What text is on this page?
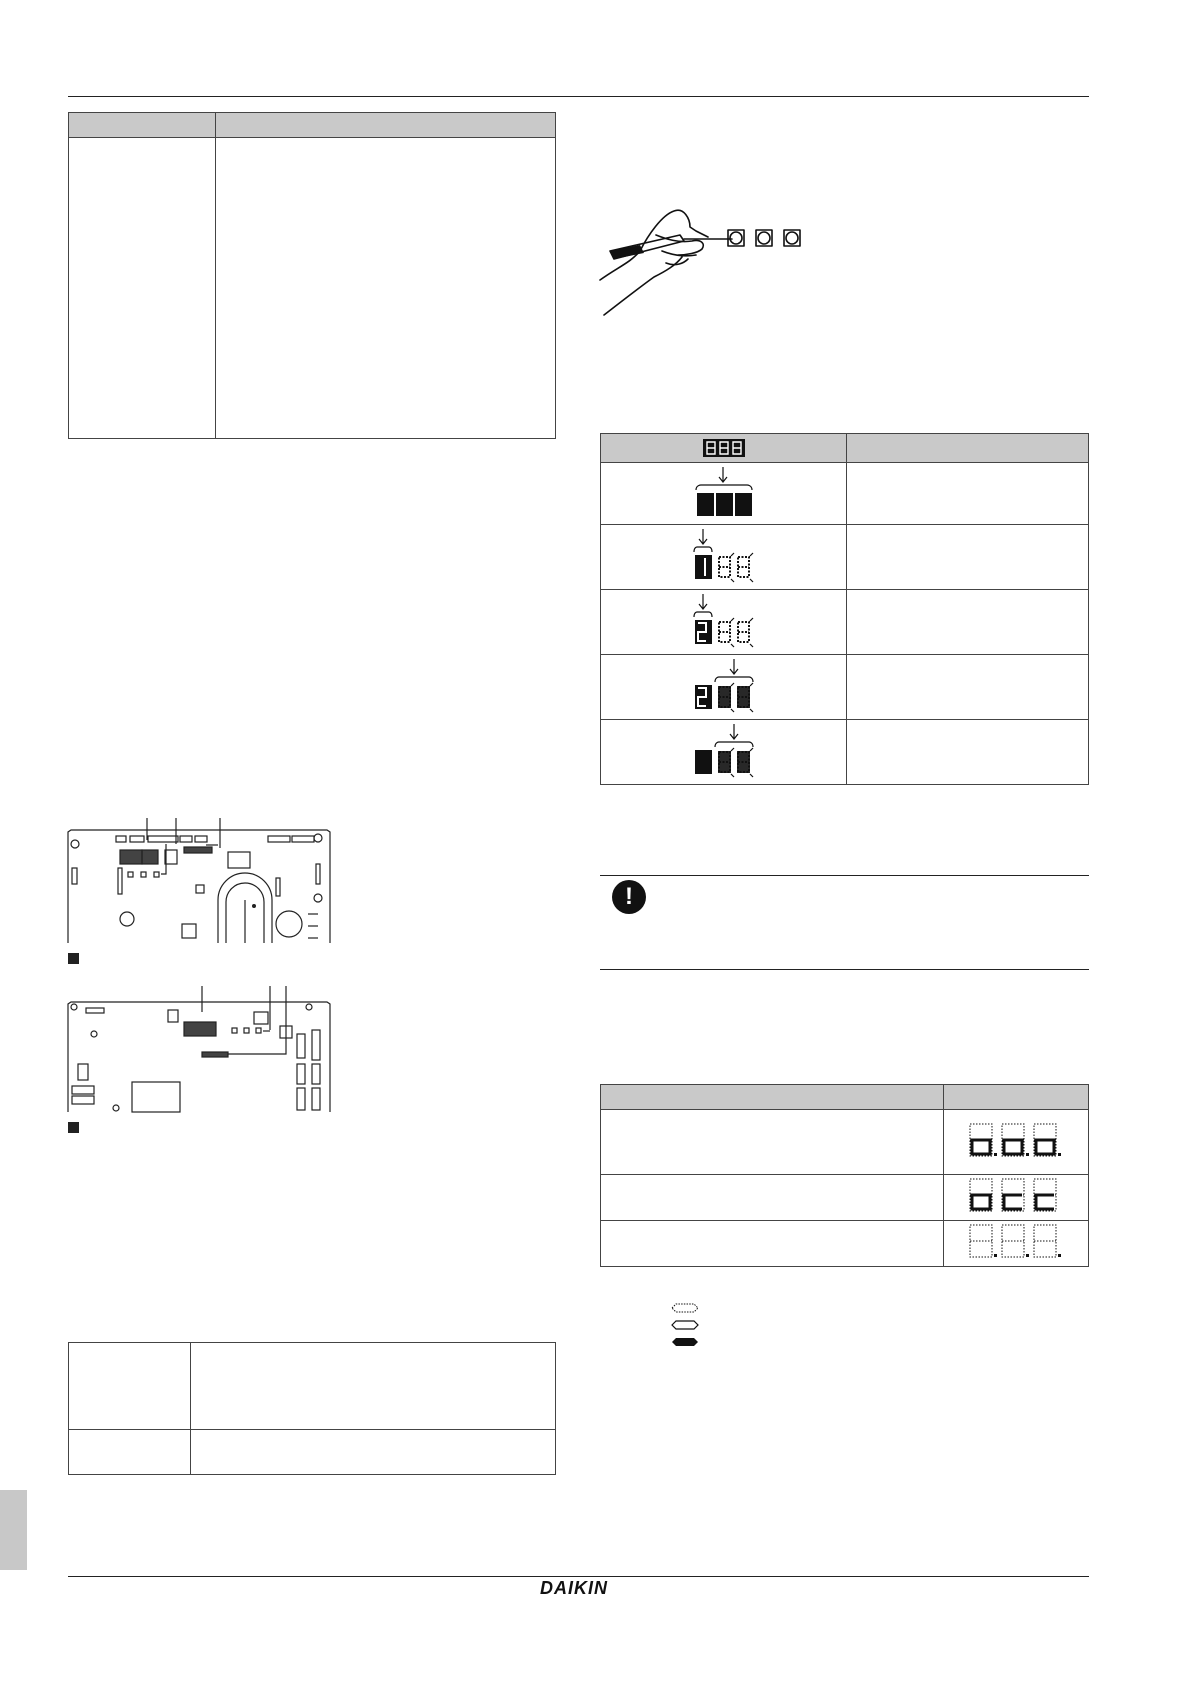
!

DAIKIN
